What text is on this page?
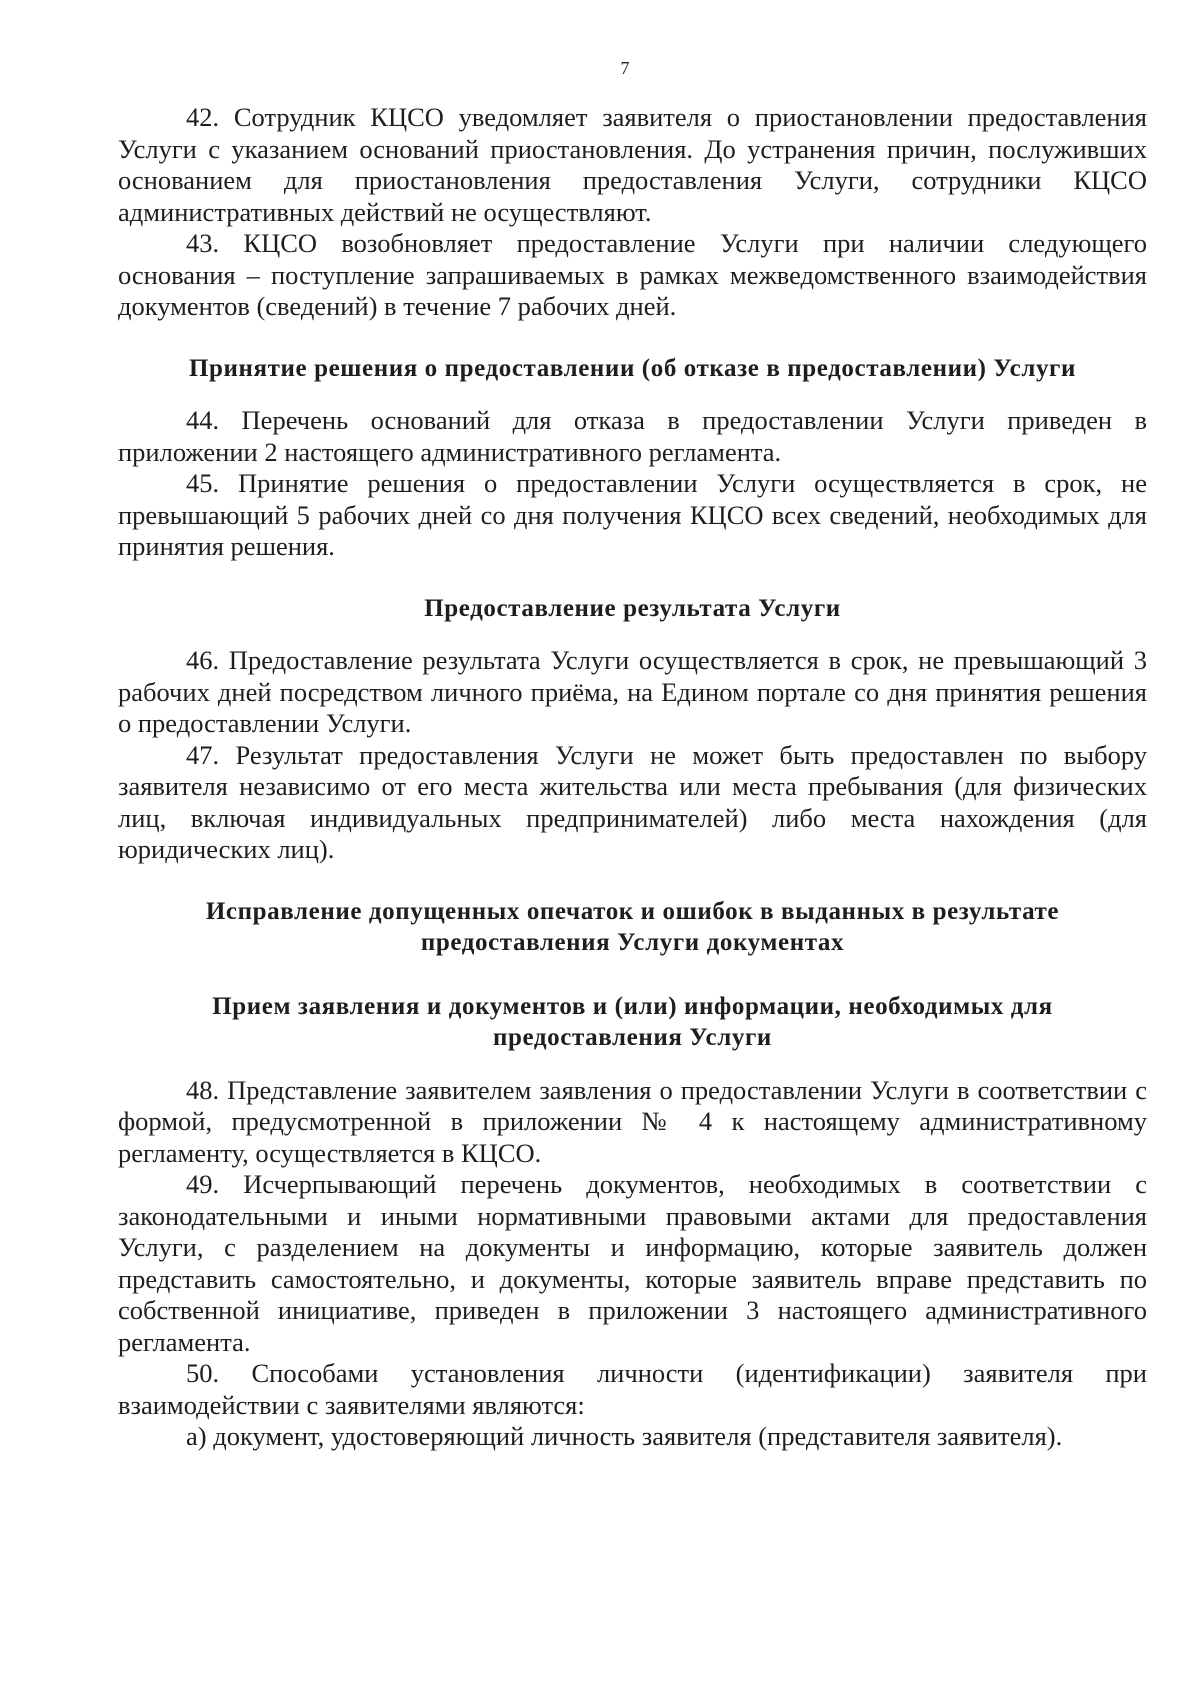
7

42. Сотрудник КЦСО уведомляет заявителя о приостановлении предоставления Услуги с указанием оснований приостановления. До устранения причин, послуживших основанием для приостановления предоставления Услуги, сотрудники КЦСО административных действий не осуществляют.

43. КЦСО возобновляет предоставление Услуги при наличии следующего основания – поступление запрашиваемых в рамках межведомственного взаимодействия документов (сведений) в течение 7 рабочих дней.

Принятие решения о предоставлении (об отказе в предоставлении) Услуги

44. Перечень оснований для отказа в предоставлении Услуги приведен в приложении 2 настоящего административного регламента.

45. Принятие решения о предоставлении Услуги осуществляется в срок, не превышающий 5 рабочих дней со дня получения КЦСО всех сведений, необходимых для принятия решения.

Предоставление результата Услуги

46. Предоставление результата Услуги осуществляется в срок, не превышающий 3 рабочих дней посредством личного приёма, на Едином портале со дня принятия решения о предоставлении Услуги.

47. Результат предоставления Услуги не может быть предоставлен по выбору заявителя независимо от его места жительства или места пребывания (для физических лиц, включая индивидуальных предпринимателей) либо места нахождения (для юридических лиц).

Исправление допущенных опечаток и ошибок в выданных в результате
предоставления Услуги документах
Прием заявления и документов и (или) информации, необходимых для
предоставления Услуги

48. Представление заявителем заявления о предоставлении Услуги в соответствии с формой, предусмотренной в приложении № 4 к настоящему административному регламенту, осуществляется в КЦСО.

49. Исчерпывающий перечень документов, необходимых в соответствии с законодательными и иными нормативными правовыми актами для предоставления Услуги, с разделением на документы и информацию, которые заявитель должен представить самостоятельно, и документы, которые заявитель вправе представить по собственной инициативе, приведен в приложении 3 настоящего административного регламента.

50. Способами установления личности (идентификации) заявителя при взаимодействии с заявителями являются:

а) документ, удостоверяющий личность заявителя (представителя заявителя).
